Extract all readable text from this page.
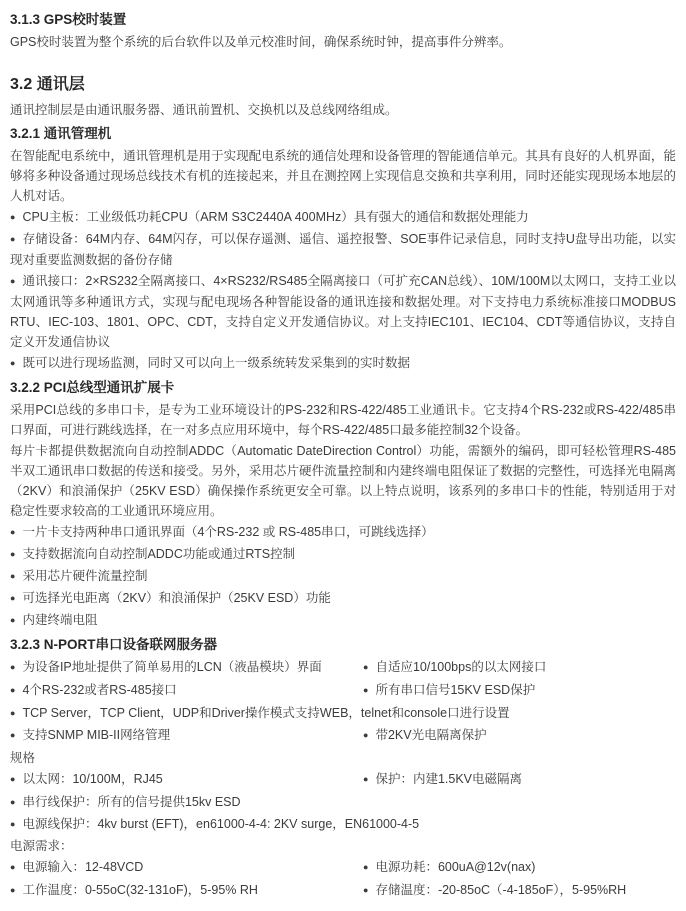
3.1.3 GPS校时装置

GPS校时装置为整个系统的后台软件以及单元校准时间，确保系统时钟，提高事件分辨率。

3.2 通讯层

通讯控制层是由通讯服务器、通讯前置机、交换机以及总线网络组成。

3.2.1 通讯管理机

在智能配电系统中，通讯管理机是用于实现配电系统的通信处理和设备管理的智能通信单元。其具有良好的人机界面，能够将多种设备通过现场总线技术有机的连接起来，并且在测控网上实现信息交换和共享利用，同时还能实现现场本地层的人机对话。

● CPU主板：工业级低功耗CPU（ARM S3C2440A 400MHz）具有强大的通信和数据处理能力
● 存储设备：64M内存、64M闪存，可以保存遥测、遥信、遥控报警、SOE事件记录信息，同时支持U盘导出功能，以实现对重要监测数据的备份存储
● 通讯接口：2×RS232全隔离接口、4×RS232/RS485全隔离接口（可扩充CAN总线）、10M/100M以太网口，支持工业以太网通讯等多种通讯方式，实现与配电现场各种智能设备的通讯连接和数据处理。对下支持电力系统标准接口MODBUS RTU、IEC-103、1801、OPC、CDT，支持自定义开发通信协议。对上支持IEC101、IEC104、CDT等通信协议，支持自定义开发通信协议
● 既可以进行现场监测，同时又可以向上一级系统转发采集到的实时数据
3.2.2 PCI总线型通讯扩展卡

采用PCI总线的多串口卡，是专为工业环境设计的PS-232和RS-422/485工业通讯卡。它支持4个RS-232或RS-422/485串口界面，可进行跳线选择，在一对多点应用环境中，每个RS-422/485口最多能控制32个设备。

每片卡都提供数据流向自动控制ADDC（Automatic DateDirection Control）功能，需额外的编码，即可轻松管理RS-485半双工通讯串口数据的传送和接受。另外，采用芯片硬件流量控制和内建终端电阻保证了数据的完整性，可选择光电隔离（2KV）和浪涌保护（25KV ESD）确保操作系统更安全可靠。以上特点说明，该系列的多串口卡的性能，特别适用于对稳定性要求较高的工业通讯环境应用。

● 一片卡支持两种串口通讯界面（4个RS-232 或 RS-485串口，可跳线选择）
● 支持数据流向自动控制ADDC功能或通过RTS控制
● 采用芯片硬件流量控制
● 可选择光电距离（2KV）和浪涌保护（25KV ESD）功能
● 内建终端电阻
3.2.3 N-PORT串口设备联网服务器
● 为设备IP地址提供了简单易用的LCN（液晶模块）界面	● 自适应10/100bps的以太网接口
● 4个RS-232或者RS-485接口	● 所有串口信号15KV ESD保护
● TCP Server，TCP Client，UDP和Driver操作模式支持WEB，telnet和console口进行设置
● 支持SNMP MIB-II网络管理	● 带2KV光电隔离保护
规格
● 以太网：10/100M，RJ45	● 保护：内建1.5KV电磁隔离
● 串行线保护：所有的信号提供15kv ESD
● 电源线保护：4kv burst (EFT)，en61000-4-4: 2KV surge，EN61000-4-5
电源需求：
● 电源输入：12-48VCD	● 电源功耗：600uA@12v(nax)
● 工作温度：0-55oC(32-131oF)，5-95% RH	● 存储温度：-20-85oC（-4-185oF），5-95%RH
